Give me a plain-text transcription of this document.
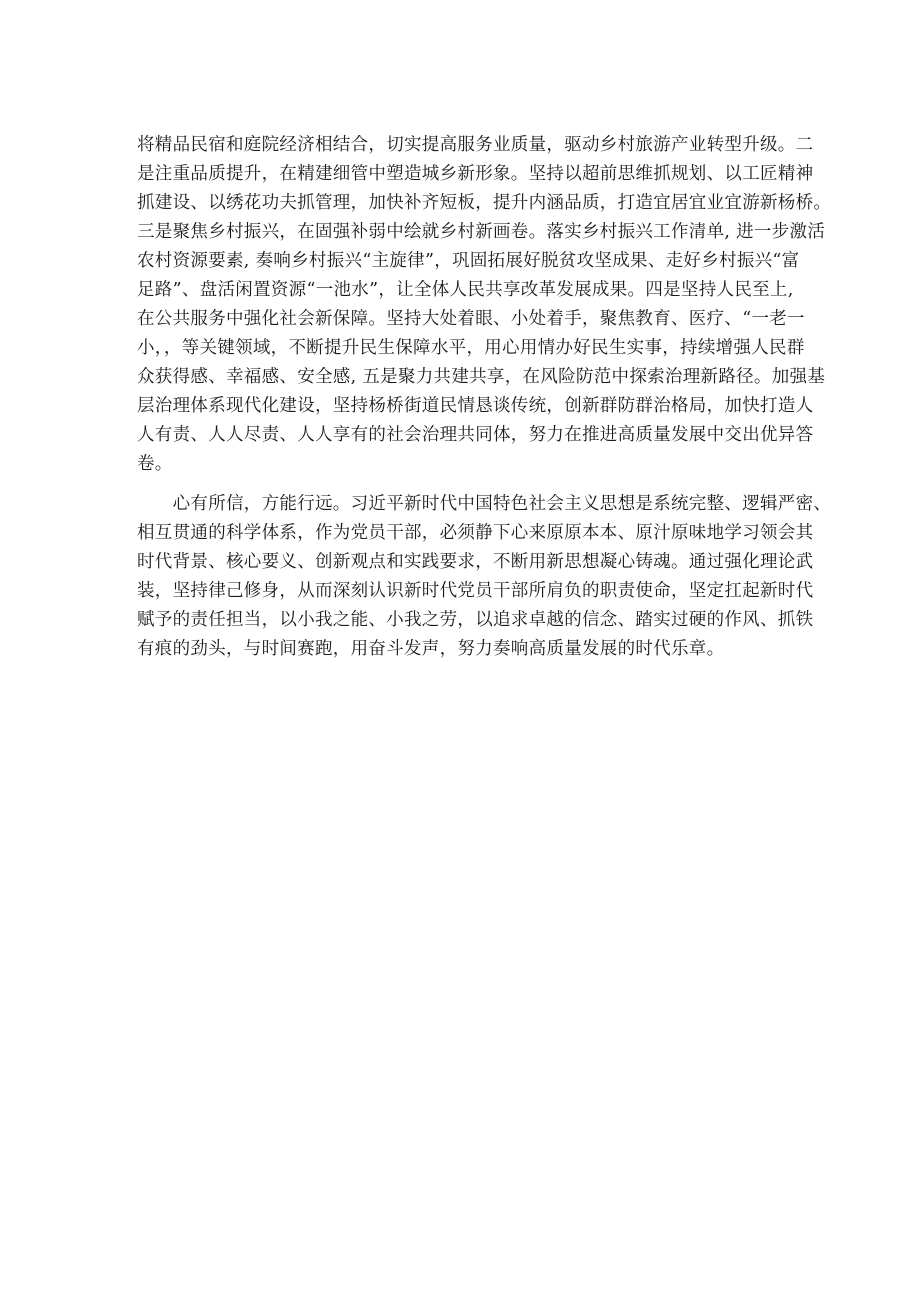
将精品民宿和庭院经济相结合，切实提高服务业质量，驱动乡村旅游产业转型升级。二
是注重品质提升，在精建细管中塑造城乡新形象。坚持以超前思维抓规划、以工匠精神
抓建设、以绣花功夫抓管理，加快补齐短板，提升内涵品质，打造宜居宜业宜游新杨桥。
三是聚焦乡村振兴，在固强补弱中绘就乡村新画卷。落实乡村振兴工作清单, 进一步激活
农村资源要素, 奏响乡村振兴“主旋律”，巩固拓展好脱贫攻坚成果、走好乡村振兴“富
足路”、盘活闲置资源“一池水”，让全体人民共享改革发展成果。四是坚持人民至上,
在公共服务中强化社会新保障。坚持大处着眼、小处着手，聚焦教育、医疗、“一老一
小，，等关键领域，不断提升民生保障水平，用心用情办好民生实事，持续增强人民群
众获得感、幸福感、安全感, 五是聚力共建共享，在风险防范中探索治理新路径。加强基
层治理体系现代化建设，坚持杨桥街道民情恳谈传统，创新群防群治格局，加快打造人
人有责、人人尽责、人人享有的社会治理共同体，努力在推进高质量发展中交出优异答
卷。

　　心有所信，方能行远。习近平新时代中国特色社会主义思想是系统完整、逻辑严密、
相互贯通的科学体系，作为党员干部，必须静下心来原原本本、原汁原味地学习领会其
时代背景、核心要义、创新观点和实践要求，不断用新思想凝心铸魂。通过强化理论武
装，坚持律己修身，从而深刻认识新时代党员干部所肩负的职责使命，坚定扛起新时代
赋予的责任担当，以小我之能、小我之劳，以追求卓越的信念、踏实过硬的作风、抓铁
有痕的劲头，与时间赛跑，用奋斗发声，努力奏响高质量发展的时代乐章。
